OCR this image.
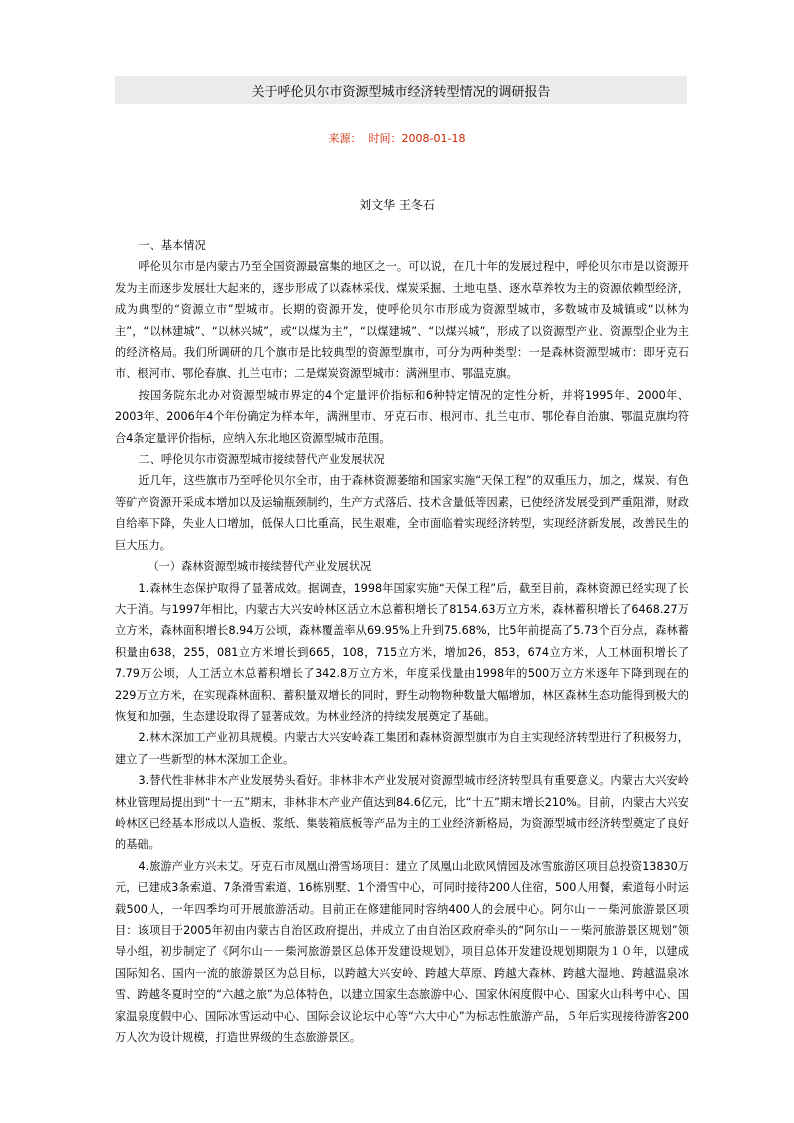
关于呼伦贝尔市资源型城市经济转型情况的调研报告
来源：  时间：2008-01-18
刘文华 王冬石

一、基本情况

呼伦贝尔市是内蒙古乃至全国资源最富集的地区之一。可以说，在几十年的发展过程中，呼伦贝尔市是以资源开发为主而逐步发展壮大起来的，逐步形成了以森林采伐、煤炭采掘、土地屯垦、逐水草养牧为主的资源依赖型经济，成为典型的“资源立市”型城市。长期的资源开发，使呼伦贝尔市形成为资源型城市，多数城市及城镇或“以林为主”，“以林建城”、“以林兴城”，或“以煤为主”，“以煤建城”、“以煤兴城”，形成了以资源型产业、资源型企业为主的经济格局。我们所调研的几个旗市是比较典型的资源型旗市，可分为两种类型：一是森林资源型城市：即牙克石市、根河市、鄂伦春旗、扎兰屯市；二是煤炭资源型城市：满洲里市、鄂温克旗。

按国务院东北办对资源型城市界定的4个定量评价指标和6种特定情况的定性分析，并将1995年、2000年、2003年、2006年4个年份确定为样本年，满洲里市、牙克石市、根河市、扎兰屯市、鄂伦春自治旗、鄂温克旗均符合4条定量评价指标，应纳入东北地区资源型城市范围。

二、呼伦贝尔市资源型城市接续替代产业发展状况

近几年，这些旗市乃至呼伦贝尔全市，由于森林资源萎缩和国家实施“天保工程”的双重压力，加之，煤炭、有色等矿产资源开采成本增加以及运输瓶颈制约，生产方式落后、技术含量低等因素，已使经济发展受到严重阻滞，财政自给率下降，失业人口增加，低保人口比重高，民生艰难，全市面临着实现经济转型，实现经济新发展，改善民生的巨大压力。

（一）森林资源型城市接续替代产业发展状况

1.森林生态保护取得了显著成效。据调查，1998年国家实施“天保工程”后，截至目前，森林资源已经实现了长大于消。与1997年相比，内蒙古大兴安岭林区活立木总蓄积增长了8154.63万立方米，森林蓄积增长了6468.27万立方米，森林面积增长8.94万公顷，森林覆盖率从69.95%上升到75.68%，比5年前提高了5.73个百分点，森林蓄积量由638，255，081立方米增长到665，108，715立方米，增加26，853，674立方米，人工林面积增长了7.79万公顷，人工活立木总蓄积增长了342.8万立方米，年度采伐量由1998年的500万立方米逐年下降到现在的229万立方米，在实现森林面积、蓄积量双增长的同时，野生动物物种数量大幅增加，林区森林生态功能得到极大的恢复和加强，生态建设取得了显著成效。为林业经济的持续发展奠定了基础。

2.林木深加工产业初具规模。内蒙古大兴安岭森工集团和森林资源型旗市为自主实现经济转型进行了积极努力，建立了一些新型的林木深加工企业。

3.替代性非林非木产业发展势头看好。非林非木产业发展对资源型城市经济转型具有重要意义。内蒙古大兴安岭林业管理局提出到“十一五”期末，非林非木产业产值达到84.6亿元，比“十五”期末增长210%。目前，内蒙古大兴安岭林区已经基本形成以人造板、浆纸、集装箱底板等产品为主的工业经济新格局，为资源型城市经济转型奠定了良好的基础。

4.旅游产业方兴未艾。牙克石市凤凰山滑雪场项目：建立了凤凰山北欧风情园及冰雪旅游区项目总投资13830万元，已建成3条索道、7条滑雪索道、16栋别墅、1个滑雪中心，可同时接待200人住宿，500人用餐，索道每小时运载500人，一年四季均可开展旅游活动。目前正在修建能同时容纳400人的会展中心。阿尔山－－柴河旅游景区项目：该项目于2005年初由内蒙古自治区政府提出，并成立了由自治区政府牵头的“阿尔山－－柴河旅游景区规划”领导小组，初步制定了《阿尔山－－柴河旅游景区总体开发建设规划》，项目总体开发建设规划期限为１０年，以建成国际知名、国内一流的旅游景区为总目标，以跨越大兴安岭、跨越大草原、跨越大森林、跨越大湿地、跨越温泉冰雪、跨越冬夏时空的“六越之旅”为总体特色，以建立国家生态旅游中心、国家休闲度假中心、国家火山科考中心、国家温泉度假中心、国际冰雪运动中心、国际会议论坛中心等“六大中心”为标志性旅游产品，５年后实现接待游客200万人次为设计规模，打造世界级的生态旅游景区。
